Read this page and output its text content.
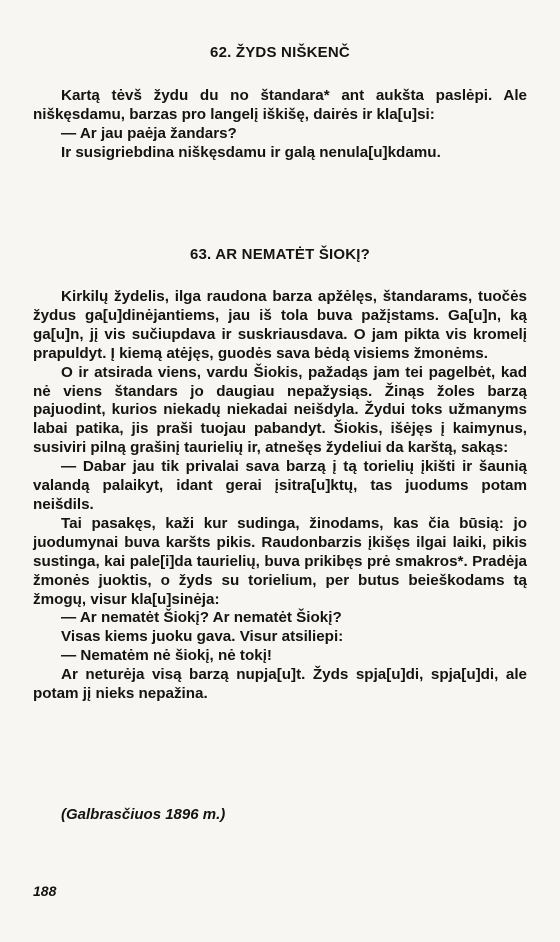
62. ŽYDS NIŠKENČ

Kartą tėvš žydu du no štandara* ant aukšta paslėpi. Ale niškęsdamu, barzas pro langelį iškišę, dairės ir kla[u]si:

— Ar jau paėja žandars?

Ir susigriebdina niškęsdamu ir galą nenula[u]kdamu.

63. AR NEMATĖT ŠIOKĮ?

Kirkilų žydelis, ilga raudona barza apžėlęs, štandarams, tuočės žydus ga[u]dinėjantiems, jau iš tola buva pažįstams. Ga[u]n, ką ga[u]n, jį vis sučiupdava ir suskriausdava. O jam pikta vis kromelį prapuldyt. Į kiemą atėjęs, guodės sava bėdą visiems žmonėms.

O ir atsirada viens, vardu Šiokis, pažadąs jam tei pagelbėt, kad nė viens štandars jo daugiau nepažysiąs. Žinąs žoles barzą pajuodint, kurios niekadų niekadai neišdyla. Žydui toks užmanyms labai patika, jis praši tuojau pabandyt. Šiokis, išėjęs į kaimynus, susiviri pilną grašinį taurielių ir, atnešęs žydeliui da karštą, sakąs:

— Dabar jau tik privalai sava barzą į tą torielių įkišti ir šaunią valandą palaikyt, idant gerai įsitra[u]ktų, tas juodums potam neišdils.

Tai pasakęs, kaži kur sudinga, žinodams, kas čia būsią: jo juodumynai buva karšts pikis. Raudonbarzis įkišęs ilgai laiki, pikis sustinga, kai pale[i]da taurielių, buva prikibęs prė smakros*. Pradėja žmonės juoktis, o žyds su torielium, per butus beieškodams tą žmogų, visur kla[u]sinėja:

— Ar nematėt Šiokį? Ar nematėt Šiokį?

Visas kiems juoku gava. Visur atsiliepi:

— Nematėm nė šiokį, nė tokį!

Ar neturėja visą barzą nupja[u]t. Žyds spja[u]di, spja[u]di, ale potam jį nieks nepažina.

(Galbrasčiuos 1896 m.)

188
